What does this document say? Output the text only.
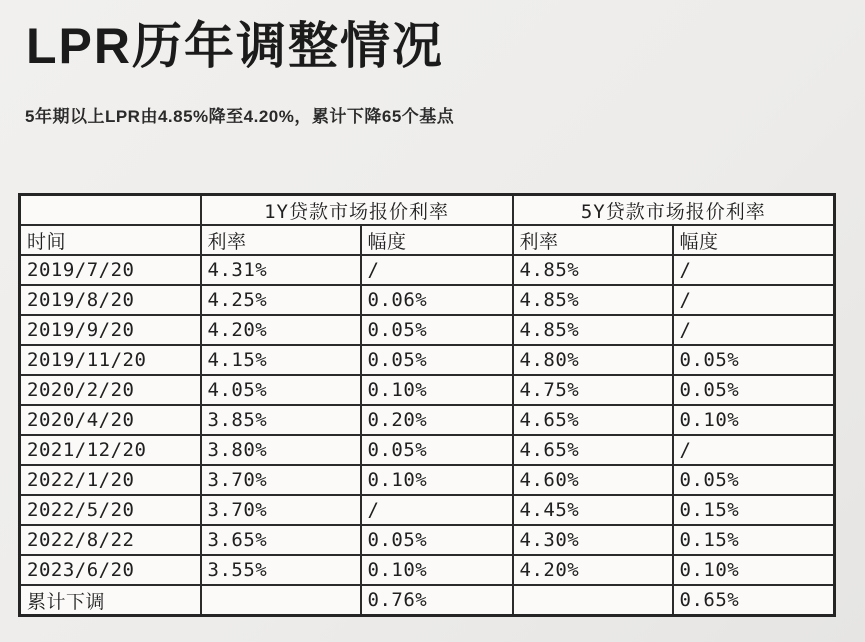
LPR历年调整情况

5年期以上LPR由4.85%降至4.20%，累计下降65个基点

	1Y贷款市场报价利率		5Y贷款市场报价利率	
时间	利率	幅度	利率	幅度
2019/7/20	4.31%	/	4.85%	/
2019/8/20	4.25%	0.06%	4.85%	/
2019/9/20	4.20%	0.05%	4.85%	/
2019/11/20	4.15%	0.05%	4.80%	0.05%
2020/2/20	4.05%	0.10%	4.75%	0.05%
2020/4/20	3.85%	0.20%	4.65%	0.10%
2021/12/20	3.80%	0.05%	4.65%	/
2022/1/20	3.70%	0.10%	4.60%	0.05%
2022/5/20	3.70%	/	4.45%	0.15%
2022/8/22	3.65%	0.05%	4.30%	0.15%
2023/6/20	3.55%	0.10%	4.20%	0.10%
累计下调		0.76%		0.65%
